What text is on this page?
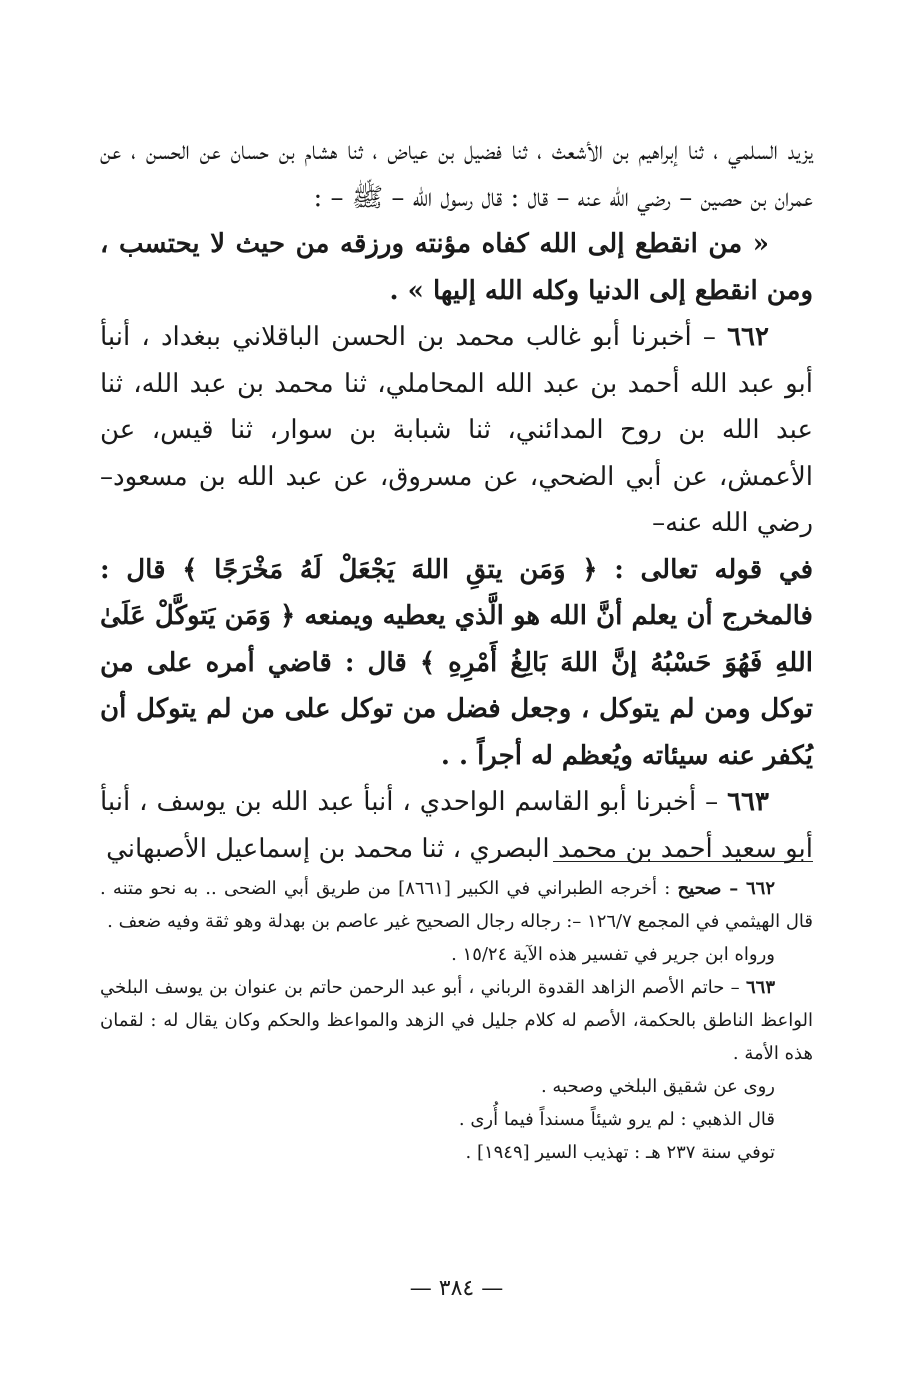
يزيد السلمي ، ثنا إبراهيم بن الأشعث ، ثنا فضيل بن عياض ، ثنا هشام بن حسان عن الحسن ، عن عمران بن حصين – رضي الله عنه – قال : قال رسول الله – ﷺ – :

« من انقطع إلى الله كفاه مؤنته ورزقه من حيث لا يحتسب ، ومن انقطع إلى الدنيا وكله الله إليها » .

٦٦٢ – أخبرنا أبو غالب محمد بن الحسن الباقلاني ببغداد ، أنبأ أبو عبد الله أحمد بن عبد الله المحاملي، ثنا محمد بن عبد الله، ثنا عبد الله بن روح المدائني، ثنا شبابة بن سوار، ثنا قيس، عن الأعمش، عن أبي الضحي، عن مسروق، عن عبد الله بن مسعود– رضي الله عنه–

في قوله تعالى : ﴿ وَمَن يتقِ اللهَ يَجْعَلْ لَهُ مَخْرَجًا ﴾ قال : فالمخرج أن يعلم أنَّ الله هو الَّذي يعطيه ويمنعه ﴿ وَمَن يَتوكَّلْ عَلَىٰ اللهِ فَهُوَ حَسْبُهُ إنَّ اللهَ بَالِغُ أَمْرِهِ ﴾ قال : قاضي أمره على من توكل ومن لم يتوكل ، وجعل فضل من توكل على من لم يتوكل أن يُكفر عنه سيئاته ويُعظم له أجراً . .

٦٦٣ – أخبرنا أبو القاسم الواحدي ، أنبأ عبد الله بن يوسف ، أنبأ أبو سعيد أحمد بن محمد البصري ، ثنا محمد بن إسماعيل الأصبهاني

٦٦٢ – صحيح : أخرجه الطبراني في الكبير [٨٦٦١] من طريق أبي الضحى .. به نحو متنه . قال الهيثمي في المجمع ١٢٦/٧ –: رجاله رجال الصحيح غير عاصم بن بهدلة وهو ثقة وفيه ضعف .

ورواه ابن جرير في تفسير هذه الآية ١٥/٢٤ .

٦٦٣ – حاتم الأصم الزاهد القدوة الرباني ، أبو عبد الرحمن حاتم بن عنوان بن يوسف البلخي الواعظ الناطق بالحكمة، الأصم له كلام جليل في الزهد والمواعظ والحكم وكان يقال له : لقمان هذه الأمة .

روى عن شقيق البلخي وصحبه .

قال الذهبي : لم يرو شيئاً مسنداً فيما أُرى .

توفي سنة ٢٣٧ هـ : تهذيب السير [١٩٤٩] .

— ٣٨٤ —
